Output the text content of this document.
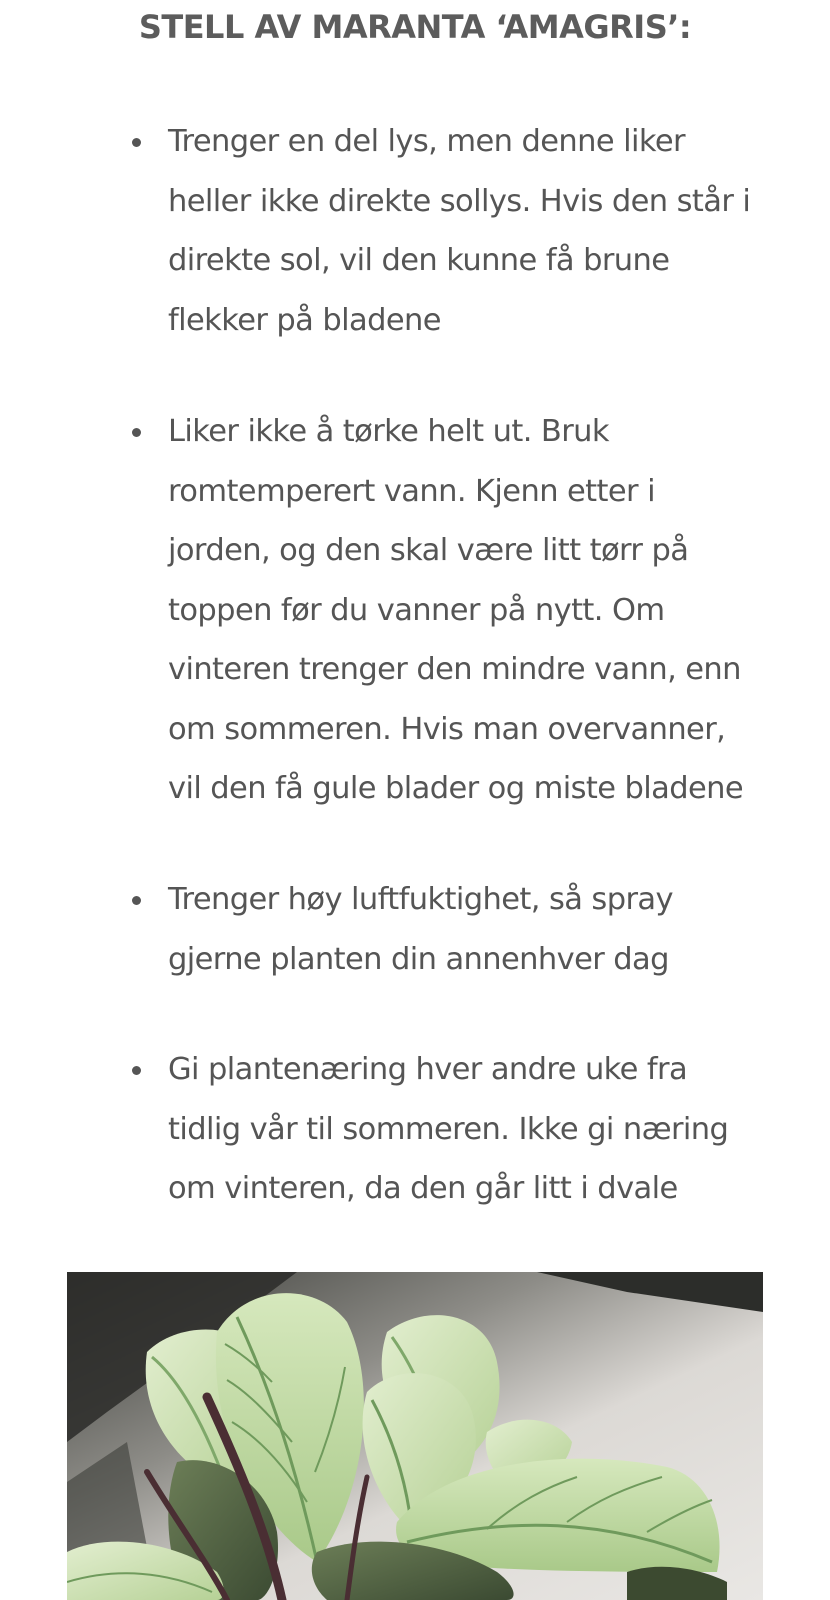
STELL AV MARANTA ‘AMAGRIS’:
Trenger en del lys, men denne liker heller ikke direkte sollys. Hvis den står i direkte sol, vil den kunne få brune flekker på bladene
Liker ikke å tørke helt ut. Bruk romtemperert vann. Kjenn etter i jorden, og den skal være litt tørr på toppen før du vanner på nytt. Om vinteren trenger den mindre vann, enn om sommeren. Hvis man overvanner, vil den få gule blader og miste bladene
Trenger høy luftfuktighet, så spray gjerne planten din annenhver dag
Gi plantenæring hver andre uke fra tidlig vår til sommeren. Ikke gi næring om vinteren, da den går litt i dvale
